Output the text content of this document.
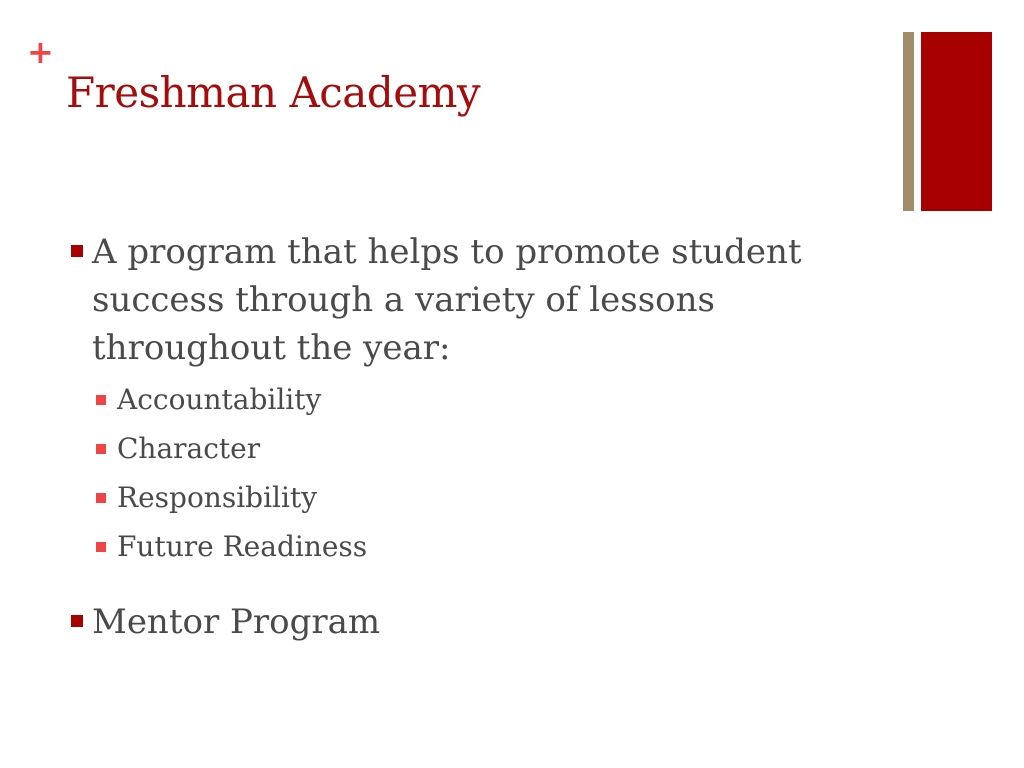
+
Freshman Academy
A program that helps to promote student success through a variety of lessons throughout the year:
Accountability
Character
Responsibility
Future Readiness
Mentor Program
